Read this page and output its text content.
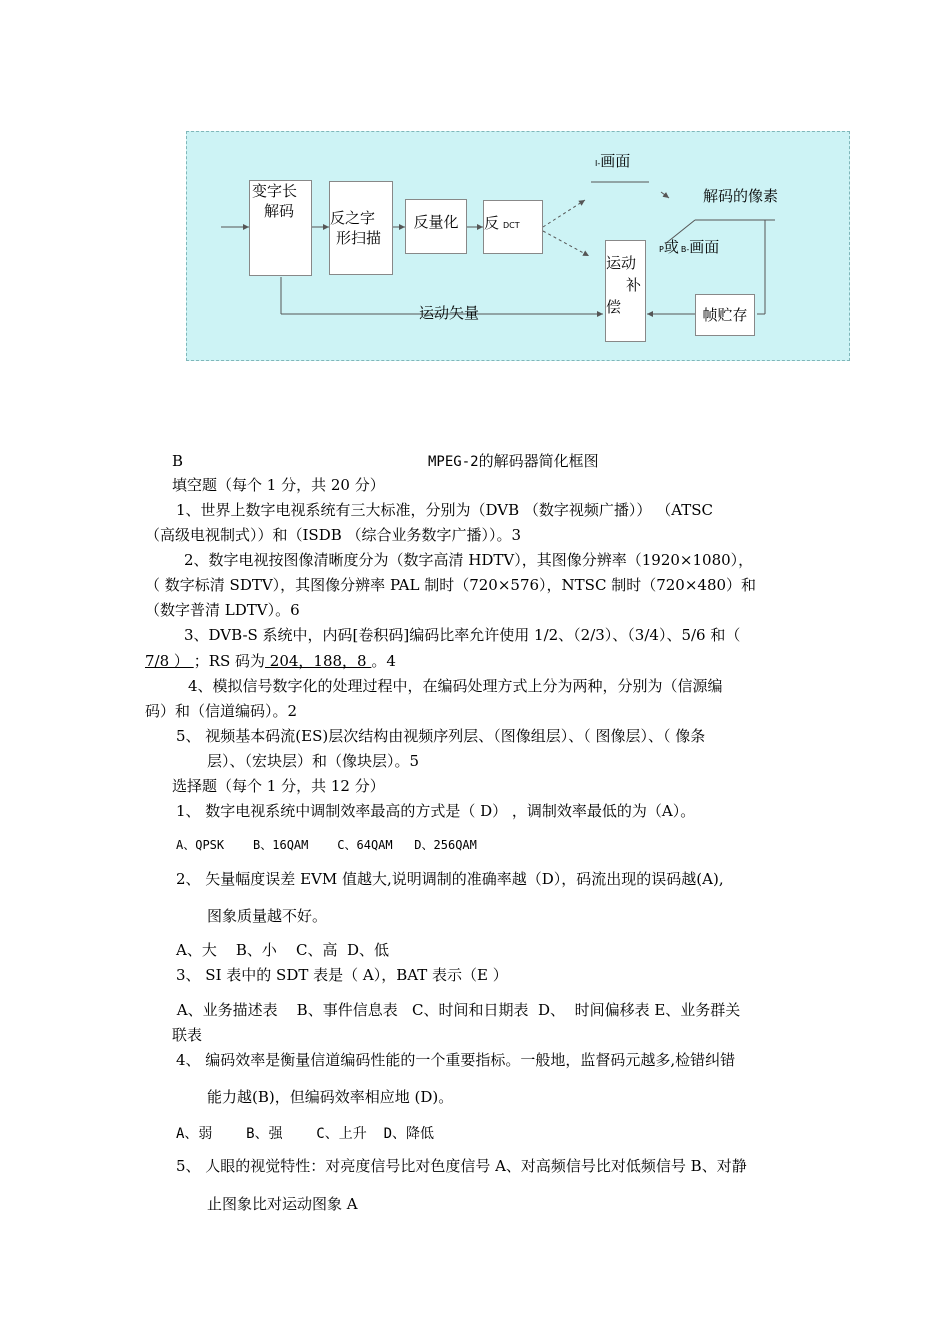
变字长
解码	反之字
形扫描
反量化	反DCT
I-画面
解码的像素
P或 B-画面
运动
补
偿	帧贮存
运动矢量
B	MPEG-2的解码器简化框图
填空题（每个 1 分，共 20 分）
1、世界上数字电视系统有三大标准，分别为（DVB （数字视频广播）） （ATSC
（高级电视制式））和（ISDB （综合业务数字广播））。3
2、数字电视按图像清晰度分为（数字高清 HDTV），其图像分辨率（1920×1080），
（ 数字标清 SDTV），其图像分辨率 PAL 制时（720×576），NTSC 制时（720×480）和
（数字普清 LDTV）。6
3、DVB-S 系统中，内码[卷积码]编码比率允许使用 1/2、（2/3）、（3/4）、5/6 和（
7/8 ） ；RS 码为 204，188，8 。4
4、模拟信号数字化的处理过程中，在编码处理方式上分为两种，分别为（信源编
码）和（信道编码）。2
5、 视频基本码流(ES)层次结构由视频序列层、（图像组层）、（ 图像层）、（ 像条
层）、（宏块层）和（像块层）。5
选择题（每个 1 分，共 12 分）
1、 数字电视系统中调制效率最高的方式是（ D） ，调制效率最低的为（A）。
A、QPSK    B、16QAM    C、64QAM   D、256QAM
2、 矢量幅度误差 EVM 值越大,说明调制的准确率越（D），码流出现的误码越(A),
图象质量越不好。
A、大    B、小    C、高  D、低
3、 SI 表中的 SDT 表是（ A），BAT 表示（E ）
A、业务描述表    B、事件信息表   C、时间和日期表  D、  时间偏移表 E、业务群关
联表
4、 编码效率是衡量信道编码性能的一个重要指标。一般地，监督码元越多,检错纠错
能力越(B)，但编码效率相应地 (D)。
A、弱    B、强    C、上升  D、降低
5、 人眼的视觉特性：对亮度信号比对色度信号 A、对高频信号比对低频信号 B、对静
止图象比对运动图象 A
